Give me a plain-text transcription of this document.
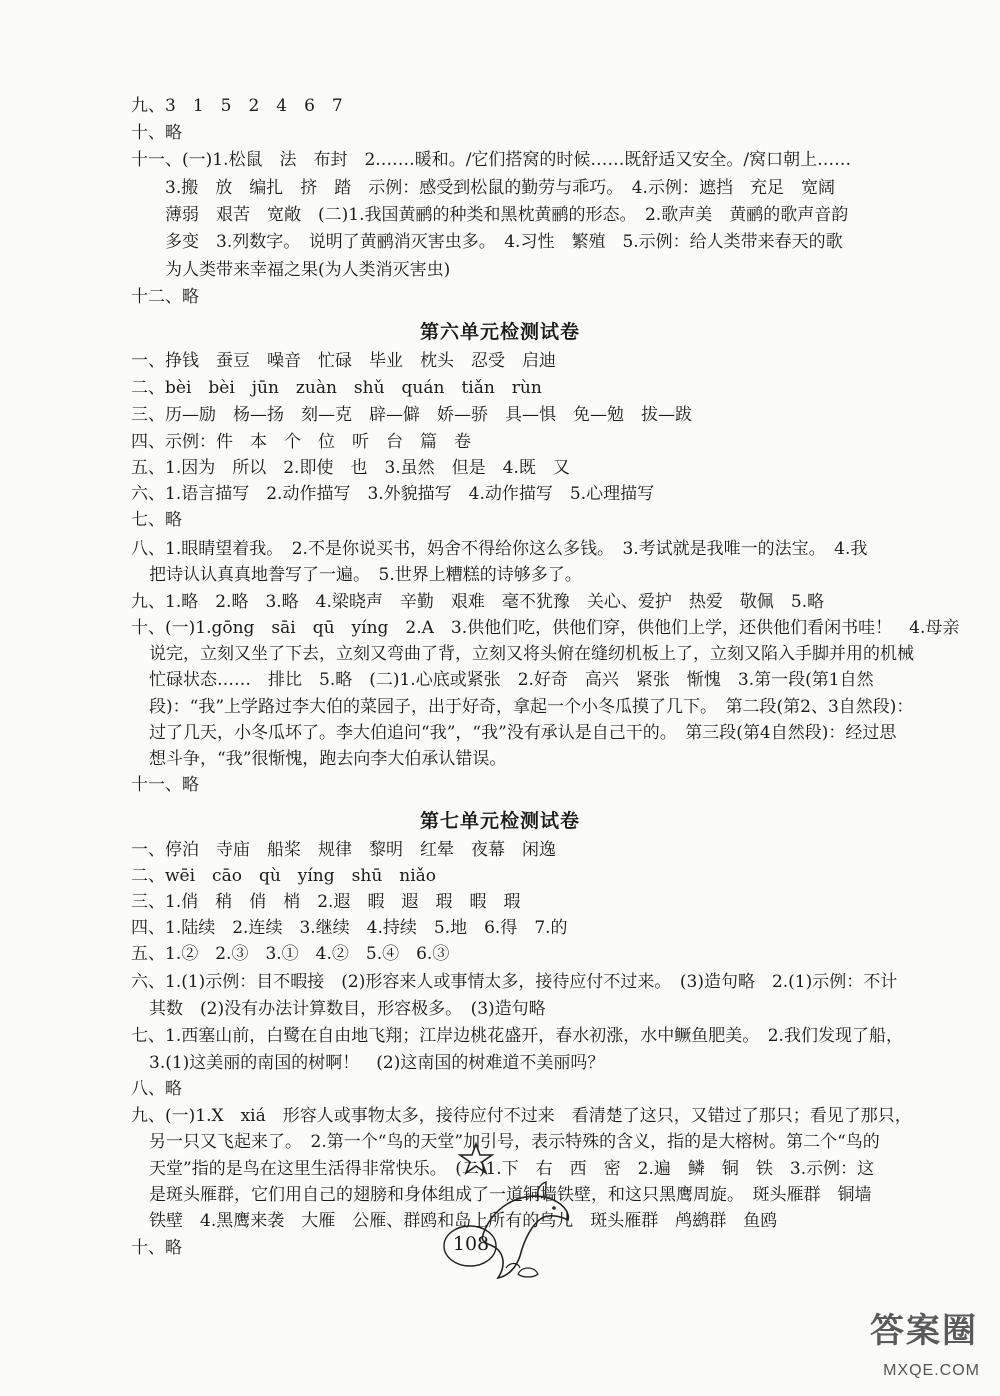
九、3　1　5　2　4　6　7
十、略
十一、(一)1.松鼠　法　布封　2.……暖和。/它们搭窝的时候……既舒适又安全。/窝口朝上……
3.搬　放　编扎　挤　踏　示例：感受到松鼠的勤劳与乖巧。　4.示例：遮挡　充足　宽阔
薄弱　艰苦　宽敞　(二)1.我国黄鹂的种类和黑枕黄鹂的形态。　2.歌声美　黄鹂的歌声音韵
多变　3.列数字。　说明了黄鹂消灭害虫多。　4.习性　繁殖　5.示例：给人类带来春天的歌
为人类带来幸福之果(为人类消灭害虫)
十二、略
第六单元检测试卷
一、挣钱　蚕豆　噪音　忙碌　毕业　枕头　忍受　启迪
二、bèi　bèi　jūn　zuàn　shǔ　quán　tiǎn　rùn
三、历—励　杨—扬　刻—克　辟—僻　娇—骄　具—惧　免—勉　拔—跋
四、示例：件　本　个　位　听　台　篇　卷
五、1.因为　所以　2.即使　也　3.虽然　但是　4.既　又
六、1.语言描写　2.动作描写　3.外貌描写　4.动作描写　5.心理描写
七、略
八、1.眼睛望着我。　2.不是你说买书，妈舍不得给你这么多钱。　3.考试就是我唯一的法宝。　4.我
把诗认认真真地誊写了一遍。　5.世界上糟糕的诗够多了。
九、1.略　2.略　3.略　4.梁晓声　辛勤　艰难　毫不犹豫　关心、爱护　热爱　敬佩　5.略
十、(一)1.gōng　sāi　qū　yíng　2.A　3.供他们吃，供他们穿，供他们上学，还供他们看闲书哇！　4.母亲
说完，立刻又坐了下去，立刻又弯曲了背，立刻又将头俯在缝纫机板上了，立刻又陷入手脚并用的机械
忙碌状态……　排比　5.略　(二)1.心底或紧张　2.好奇　高兴　紧张　惭愧　3.第一段(第1自然
段)：“我”上学路过李大伯的菜园子，出于好奇，拿起一个小冬瓜摸了几下。　第二段(第2、3自然段)：
过了几天，小冬瓜坏了。李大伯追问“我”，“我”没有承认是自己干的。　第三段(第4自然段)：经过思
想斗争，“我”很惭愧，跑去向李大伯承认错误。
十一、略
第七单元检测试卷
一、停泊　寺庙　船桨　规律　黎明　红晕　夜幕　闲逸
二、wēi　cāo　qù　yíng　shū　niǎo
三、1.俏　稍　俏　梢　2.遐　暇　遐　瑕　暇　瑕
四、1.陆续　2.连续　3.继续　4.持续　5.地　6.得　7.的
五、1.②　2.③　3.①　4.②　5.④　6.③
六、1.(1)示例：目不暇接　(2)形容来人或事情太多，接待应付不过来。　(3)造句略　2.(1)示例：不计
其数　(2)没有办法计算数目，形容极多。　(3)造句略
七、1.西塞山前，白鹭在自由地飞翔；江岸边桃花盛开，春水初涨，水中鳜鱼肥美。　2.我们发现了船，
3.(1)这美丽的南国的树啊！　(2)这南国的树难道不美丽吗？
八、略
九、(一)1.X　xiá　形容人或事物太多，接待应付不过来　看清楚了这只，又错过了那只；看见了那只，
另一只又飞起来了。　2.第一个“鸟的天堂”加引号，表示特殊的含义，指的是大榕树。第二个“鸟的
天堂”指的是鸟在这里生活得非常快乐。　(二)1.下　右　西　密　2.遍　鳞　铜　铁　3.示例：这
是斑头雁群，它们用自己的翅膀和身体组成了一道铜墙铁壁，和这只黑鹰周旋。　斑头雁群　铜墙
铁壁　4.黑鹰来袭　大雁　公雁、群鸥和岛上所有的鸟儿　斑头雁群　鸬鹚群　鱼鸥
十、略	108
答案圈
MXQE.COM
